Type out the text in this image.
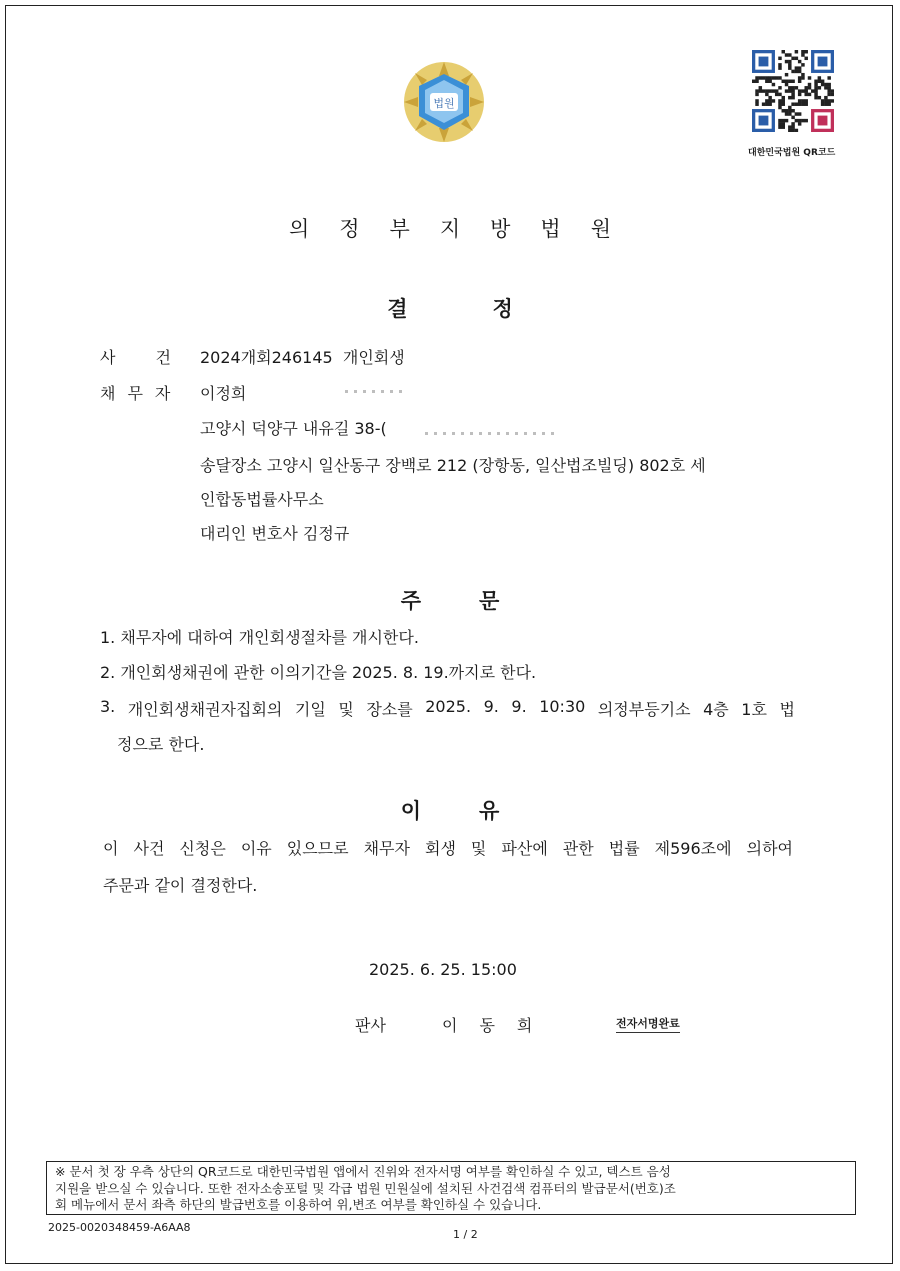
법원
대한민국법원 QR코드
의정부지방법원
결정
사건
2024개회246145 개인회생
채무자 이정희
고양시 덕양구 내유길 38-(
송달장소 고양시 일산동구 장백로 212 (장항동, 일산법조빌딩) 802호 세
인합동법률사무소
대리인 변호사 김정규
주문
1. 채무자에 대하여 개인회생절차를 개시한다.
2. 개인회생채권에 관한 이의기간을 2025. 8. 19.까지로 한다.
3. 개인회생채권자집회의 기일 및 장소를 2025. 9. 9. 10:30 의정부등기소 4층 1호 법
정으로 한다.
이유
이 사건 신청은 이유 있으므로 채무자 회생 및 파산에 관한 법률 제596조에 의하여
주문과 같이 결정한다.
2025. 6. 25. 15:00
판사	이동희	전자서명완료
※ 문서 첫 장 우측 상단의 QR코드로 대한민국법원 앱에서 진위와 전자서명 여부를 확인하실 수 있고, 텍스트 음성
지원을 받으실 수 있습니다. 또한 전자소송포털 및 각급 법원 민원실에 설치된 사건검색 컴퓨터의 발급문서(번호)조
회 메뉴에서 문서 좌측 하단의 발급번호를 이용하여 위,변조 여부를 확인하실 수 있습니다.
2025-0020348459-A6AA8
1 / 2
